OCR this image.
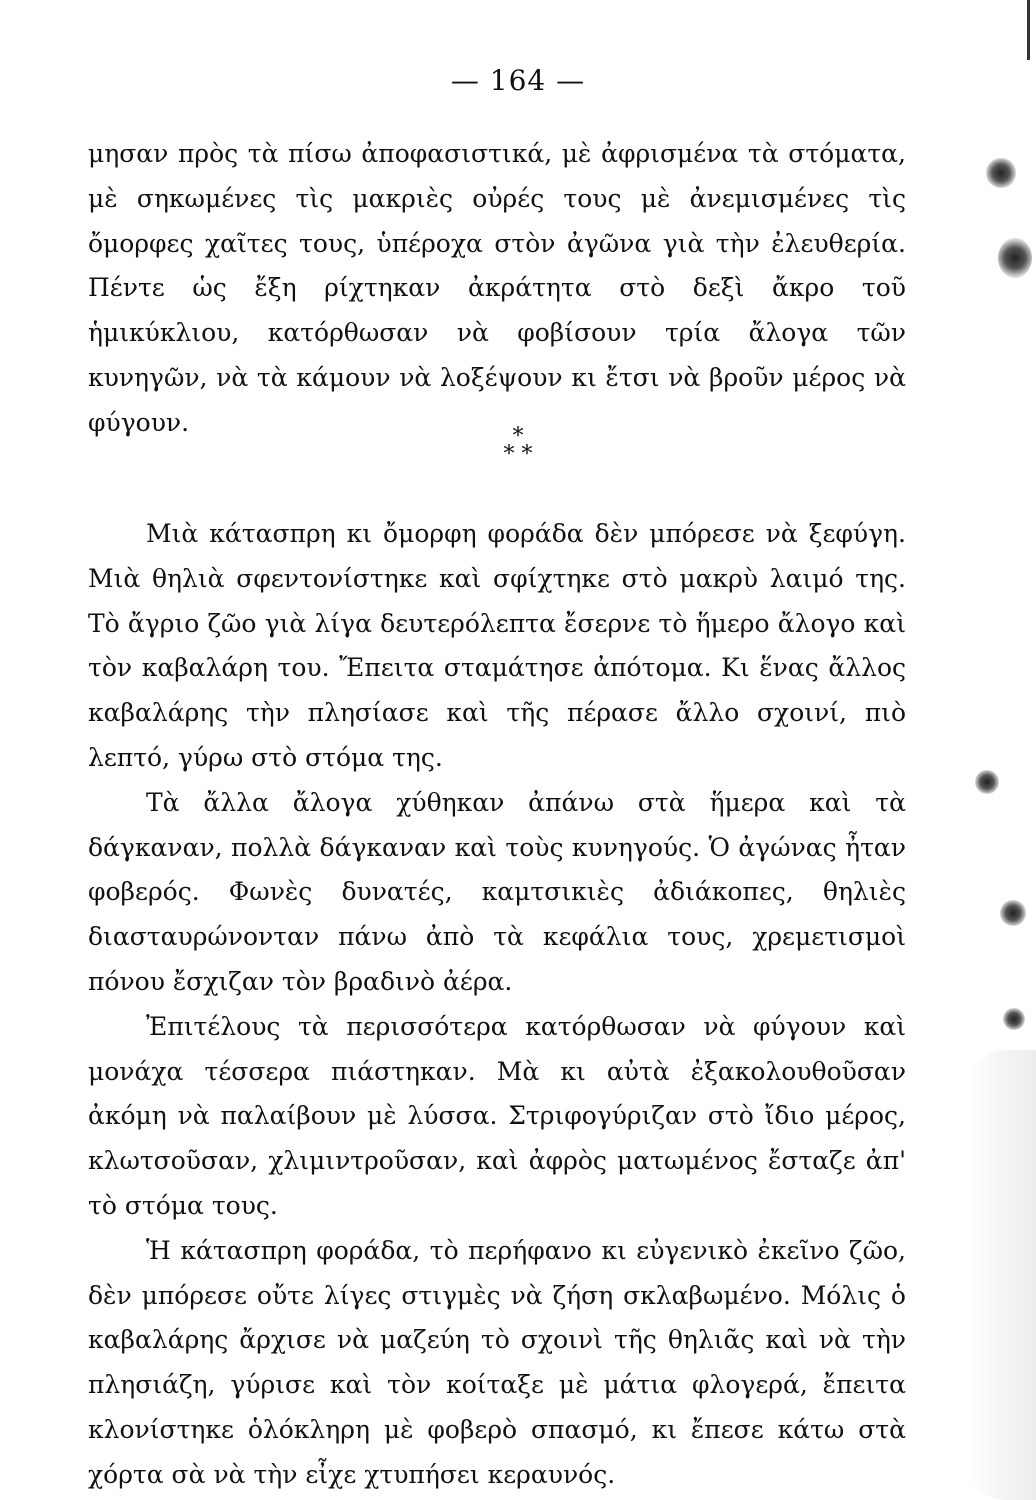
— 164 —

μησαν πρὸς τὰ πίσω ἀποφασιστικά, μὲ ἀφρισμένα τὰ στόματα, μὲ σηκωμένες τὶς μακριὲς οὐρές τους μὲ ἀνεμισμένες τὶς ὄμορφες χαῖτες τους, ὑπέροχα στὸν ἀγῶνα γιὰ τὴν ἐλευθερία. Πέντε ὡς ἔξη ρίχτηκαν ἀκράτητα στὸ δεξὶ ἄκρο τοῦ ἡμικύκλιου, κατόρθωσαν νὰ φοβίσουν τρία ἄλογα τῶν κυνηγῶν, νὰ τὰ κάμουν νὰ λοξέψουν κι ἔτσι νὰ βροῦν μέρος νὰ φύγουν.	*
* *

Μιὰ κάτασπρη κι ὄμορφη φοράδα δὲν μπόρεσε νὰ ξεφύγη. Μιὰ θηλιὰ σφεντονίστηκε καὶ σφίχτηκε στὸ μακρὺ λαιμό της. Τὸ ἄγριο ζῶο γιὰ λίγα δευτερόλεπτα ἔσερνε τὸ ἥμερο ἄλογο καὶ τὸν καβαλάρη του. Ἔπειτα σταμάτησε ἀπότομα. Κι ἕνας ἄλλος καβαλάρης τὴν πλησίασε καὶ τῆς πέρασε ἄλλο σχοινί, πιὸ λεπτό, γύρω στὸ στόμα της.

Τὰ ἄλλα ἄλογα χύθηκαν ἀπάνω στὰ ἥμερα καὶ τὰ δάγκαναν, πολλὰ δάγκαναν καὶ τοὺς κυνηγούς. Ὁ ἀγώνας ἦταν φοβερός. Φωνὲς δυνατές, καμτσικιὲς ἀδιάκοπες, θηλιὲς διασταυρώνονταν πάνω ἀπὸ τὰ κεφάλια τους, χρεμετισμοὶ πόνου ἔσχιζαν τὸν βραδινὸ ἀέρα.

Ἐπιτέλους τὰ περισσότερα κατόρθωσαν νὰ φύγουν καὶ μονάχα τέσσερα πιάστηκαν. Μὰ κι αὐτὰ ἐξακολουθοῦσαν ἀκόμη νὰ παλαίβουν μὲ λύσσα. Στριφογύριζαν στὸ ἴδιο μέρος, κλωτσοῦσαν, χλιμιντροῦσαν, καὶ ἀφρὸς ματωμένος ἔσταζε ἀπ' τὸ στόμα τους.

Ἡ κάτασπρη φοράδα, τὸ περήφανο κι εὐγενικὸ ἐκεῖνο ζῶο, δὲν μπόρεσε οὔτε λίγες στιγμὲς νὰ ζήση σκλαβωμένο. Μόλις ὁ καβαλάρης ἄρχισε νὰ μαζεύη τὸ σχοινὶ τῆς θηλιᾶς καὶ νὰ τὴν πλησιάζη, γύρισε καὶ τὸν κοίταξε μὲ μάτια φλογερά, ἔπειτα κλονίστηκε ὁλόκληρη μὲ φοβερὸ σπασμό, κι ἔπεσε κάτω στὰ χόρτα σὰ νὰ τὴν εἶχε χτυπήσει κεραυνός.
